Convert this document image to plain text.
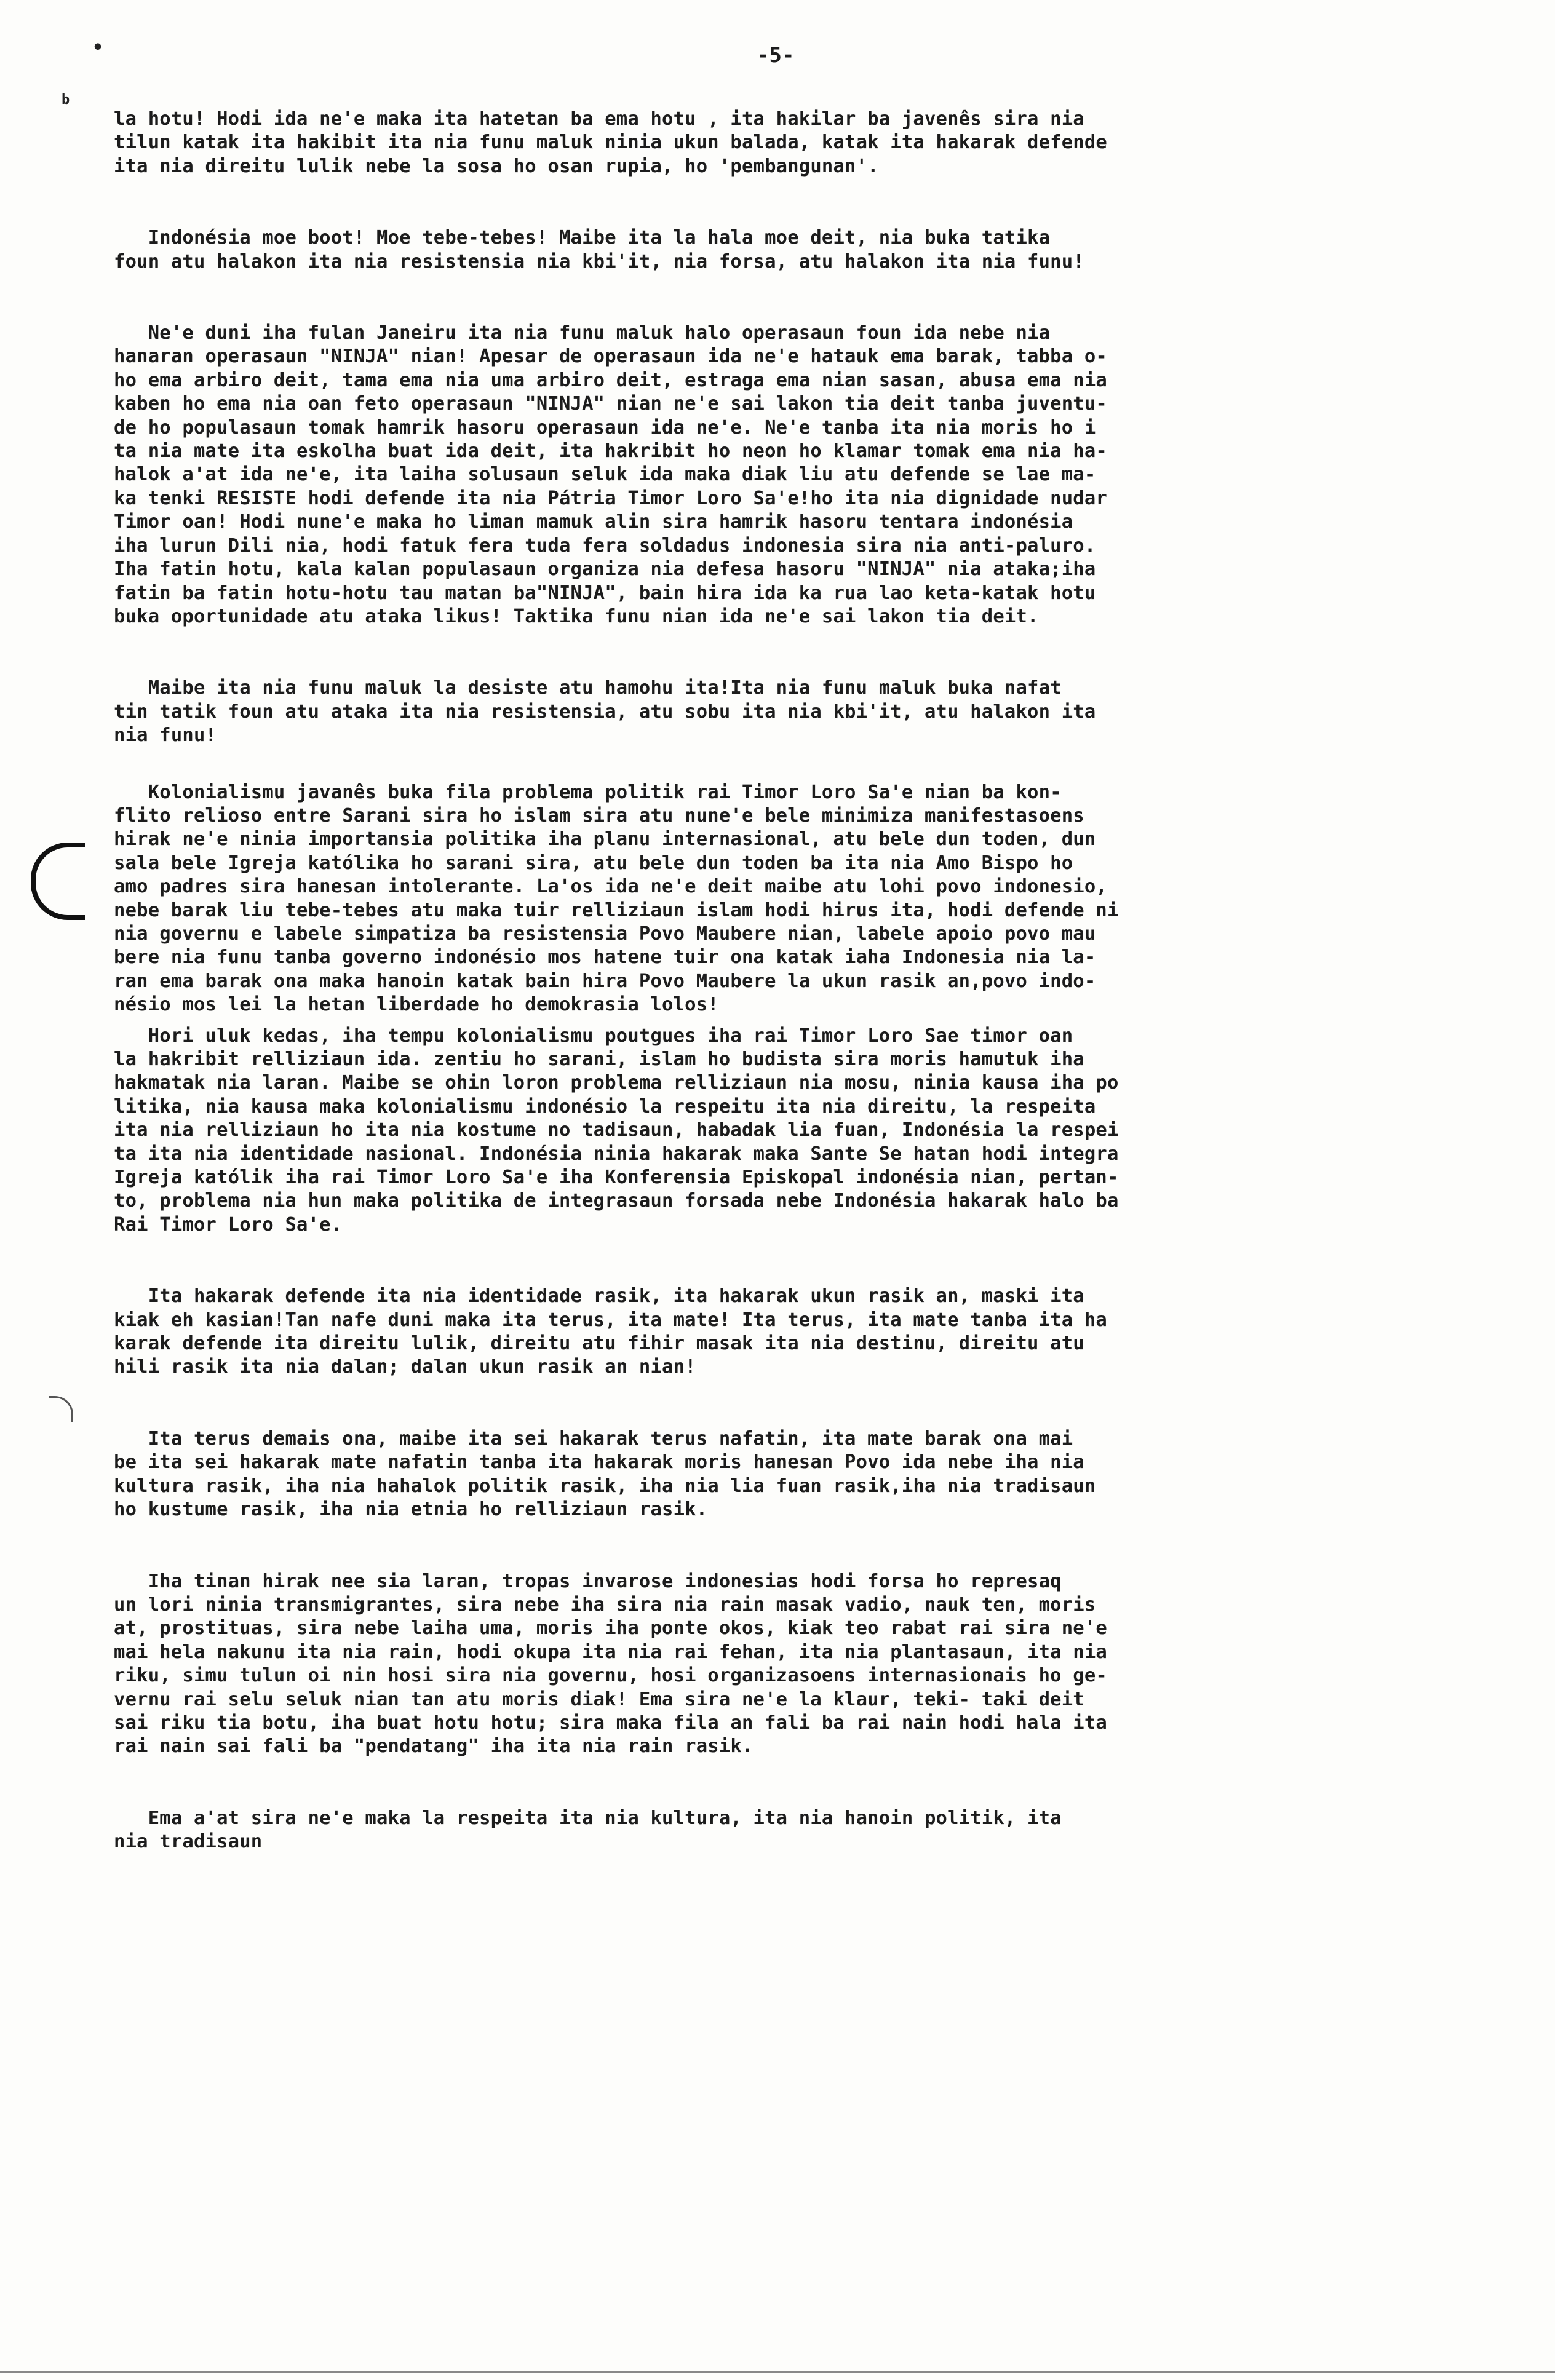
•
b
-5-

la hotu! Hodi ida ne'e maka ita hatetan ba ema hotu , ita hakilar ba javenês sira nia
tilun katak ita hakibit ita nia funu maluk ninia ukun balada, katak ita hakarak defende
ita nia direitu lulik nebe la sosa ho osan rupia, ho 'pembangunan'.

Indonésia moe boot! Moe tebe-tebes! Maibe ita la hala moe deit, nia buka tatika
foun atu halakon ita nia resistensia nia kbi'it, nia forsa, atu halakon ita nia funu!

Ne'e duni iha fulan Janeiru ita nia funu maluk halo operasaun foun ida nebe nia
hanaran operasaun "NINJA" nian! Apesar de operasaun ida ne'e hatauk ema barak, tabba o-
ho ema arbiro deit, tama ema nia uma arbiro deit, estraga ema nian sasan, abusa ema nia
kaben ho ema nia oan feto operasaun "NINJA" nian ne'e sai lakon tia deit tanba juventu-
de ho populasaun tomak hamrik hasoru operasaun ida ne'e. Ne'e tanba ita nia moris ho i
ta nia mate ita eskolha buat ida deit, ita hakribit ho neon ho klamar tomak ema nia ha-
halok a'at ida ne'e, ita laiha solusaun seluk ida maka diak liu atu defende se lae ma-
ka tenki RESISTE hodi defende ita nia Pátria Timor Loro Sa'e!ho ita nia dignidade nudar
Timor oan! Hodi nune'e maka ho liman mamuk alin sira hamrik hasoru tentara indonésia
iha lurun Dili nia, hodi fatuk fera tuda fera soldadus indonesia sira nia anti-paluro.
Iha fatin hotu, kala kalan populasaun organiza nia defesa hasoru "NINJA" nia ataka;iha
fatin ba fatin hotu-hotu tau matan ba"NINJA", bain hira ida ka rua lao keta-katak hotu
buka oportunidade atu ataka likus! Taktika funu nian ida ne'e sai lakon tia deit.

Maibe ita nia funu maluk la desiste atu hamohu ita!Ita nia funu maluk buka nafat
tin tatik foun atu ataka ita nia resistensia, atu sobu ita nia kbi'it, atu halakon ita
nia funu!

Kolonialismu javanês buka fila problema politik rai Timor Loro Sa'e nian ba kon-
flito relioso entre Sarani sira ho islam sira atu nune'e bele minimiza manifestasoens
hirak ne'e ninia importansia politika iha planu internasional, atu bele dun toden, dun
sala bele Igreja katólika ho sarani sira, atu bele dun toden ba ita nia Amo Bispo ho
amo padres sira hanesan intolerante. La'os ida ne'e deit maibe atu lohi povo indonesio,
nebe barak liu tebe-tebes atu maka tuir relliziaun islam hodi hirus ita, hodi defende ni
nia governu e labele simpatiza ba resistensia Povo Maubere nian, labele apoio povo mau
bere nia funu tanba governo indonésio mos hatene tuir ona katak iaha Indonesia nia la-
ran ema barak ona maka hanoin katak bain hira Povo Maubere la ukun rasik an,povo indo-
nésio mos lei la hetan liberdade ho demokrasia lolos!

Hori uluk kedas, iha tempu kolonialismu poutgues iha rai Timor Loro Sae timor oan
la hakribit relliziaun ida. zentiu ho sarani, islam ho budista sira moris hamutuk iha
hakmatak nia laran. Maibe se ohin loron problema relliziaun nia mosu, ninia kausa iha po
litika, nia kausa maka kolonialismu indonésio la respeitu ita nia direitu, la respeita
ita nia relliziaun ho ita nia kostume no tadisaun, habadak lia fuan, Indonésia la respei
ta ita nia identidade nasional. Indonésia ninia hakarak maka Sante Se hatan hodi integra
Igreja katólik iha rai Timor Loro Sa'e iha Konferensia Episkopal indonésia nian, pertan-
to, problema nia hun maka politika de integrasaun forsada nebe Indonésia hakarak halo ba
Rai Timor Loro Sa'e.

Ita hakarak defende ita nia identidade rasik, ita hakarak ukun rasik an, maski ita
kiak eh kasian!Tan nafe duni maka ita terus, ita mate! Ita terus, ita mate tanba ita ha
karak defende ita direitu lulik, direitu atu fihir masak ita nia destinu, direitu atu
hili rasik ita nia dalan; dalan ukun rasik an nian!

Ita terus demais ona, maibe ita sei hakarak terus nafatin, ita mate barak ona mai
be ita sei hakarak mate nafatin tanba ita hakarak moris hanesan Povo ida nebe iha nia
kultura rasik, iha nia hahalok politik rasik, iha nia lia fuan rasik,iha nia tradisaun
ho kustume rasik, iha nia etnia ho relliziaun rasik.

Iha tinan hirak nee sia laran, tropas invarose indonesias hodi forsa ho represaq
un lori ninia transmigrantes, sira nebe iha sira nia rain masak vadio, nauk ten, moris
at, prostituas, sira nebe laiha uma, moris iha ponte okos, kiak teo rabat rai sira ne'e
mai hela nakunu ita nia rain, hodi okupa ita nia rai fehan, ita nia plantasaun, ita nia
riku, simu tulun oi nin hosi sira nia governu, hosi organizasoens internasionais ho ge-
vernu rai selu seluk nian tan atu moris diak! Ema sira ne'e la klaur, teki- taki deit
sai riku tia botu, iha buat hotu hotu; sira maka fila an fali ba rai nain hodi hala ita
rai nain sai fali ba "pendatang" iha ita nia rain rasik.

Ema a'at sira ne'e maka la respeita ita nia kultura, ita nia hanoin politik, ita
nia tradisaun
